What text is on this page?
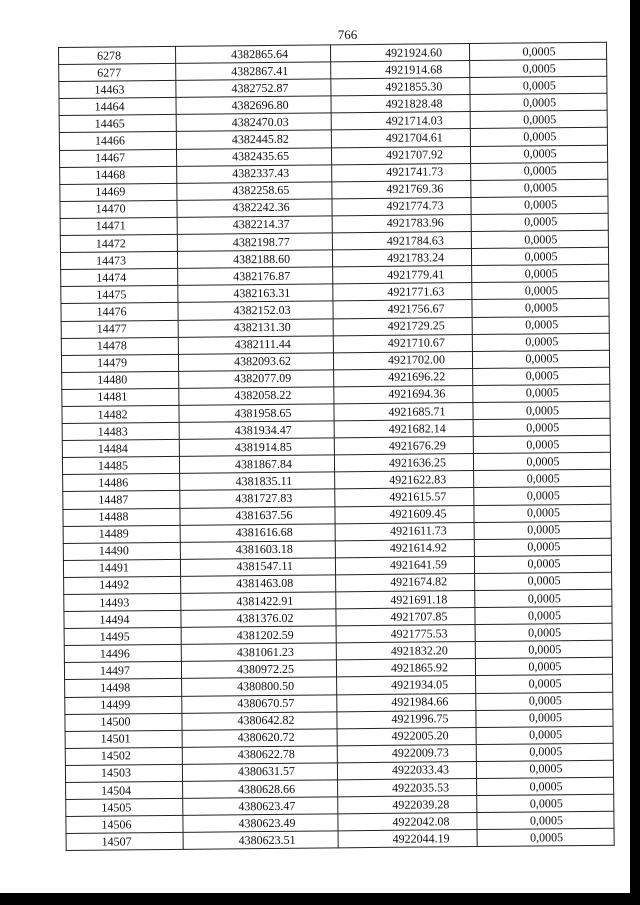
766
6278	4382865.64	4921924.60	0,0005
6277	4382867.41	4921914.68	0,0005
14463	4382752.87	4921855.30	0,0005
14464	4382696.80	4921828.48	0,0005
14465	4382470.03	4921714.03	0,0005
14466	4382445.82	4921704.61	0,0005
14467	4382435.65	4921707.92	0,0005
14468	4382337.43	4921741.73	0,0005
14469	4382258.65	4921769.36	0,0005
14470	4382242.36	4921774.73	0,0005
14471	4382214.37	4921783.96	0,0005
14472	4382198.77	4921784.63	0,0005
14473	4382188.60	4921783.24	0,0005
14474	4382176.87	4921779.41	0,0005
14475	4382163.31	4921771.63	0,0005
14476	4382152.03	4921756.67	0,0005
14477	4382131.30	4921729.25	0,0005
14478	4382111.44	4921710.67	0,0005
14479	4382093.62	4921702.00	0,0005
14480	4382077.09	4921696.22	0,0005
14481	4382058.22	4921694.36	0,0005
14482	4381958.65	4921685.71	0,0005
14483	4381934.47	4921682.14	0,0005
14484	4381914.85	4921676.29	0,0005
14485	4381867.84	4921636.25	0,0005
14486	4381835.11	4921622.83	0,0005
14487	4381727.83	4921615.57	0,0005
14488	4381637.56	4921609.45	0,0005
14489	4381616.68	4921611.73	0,0005
14490	4381603.18	4921614.92	0,0005
14491	4381547.11	4921641.59	0,0005
14492	4381463.08	4921674.82	0,0005
14493	4381422.91	4921691.18	0,0005
14494	4381376.02	4921707.85	0,0005
14495	4381202.59	4921775.53	0,0005
14496	4381061.23	4921832.20	0,0005
14497	4380972.25	4921865.92	0,0005
14498	4380800.50	4921934.05	0,0005
14499	4380670.57	4921984.66	0,0005
14500	4380642.82	4921996.75	0,0005
14501	4380620.72	4922005.20	0,0005
14502	4380622.78	4922009.73	0,0005
14503	4380631.57	4922033.43	0,0005
14504	4380628.66	4922035.53	0,0005
14505	4380623.47	4922039.28	0,0005
14506	4380623.49	4922042.08	0,0005
14507	4380623.51	4922044.19	0,0005
